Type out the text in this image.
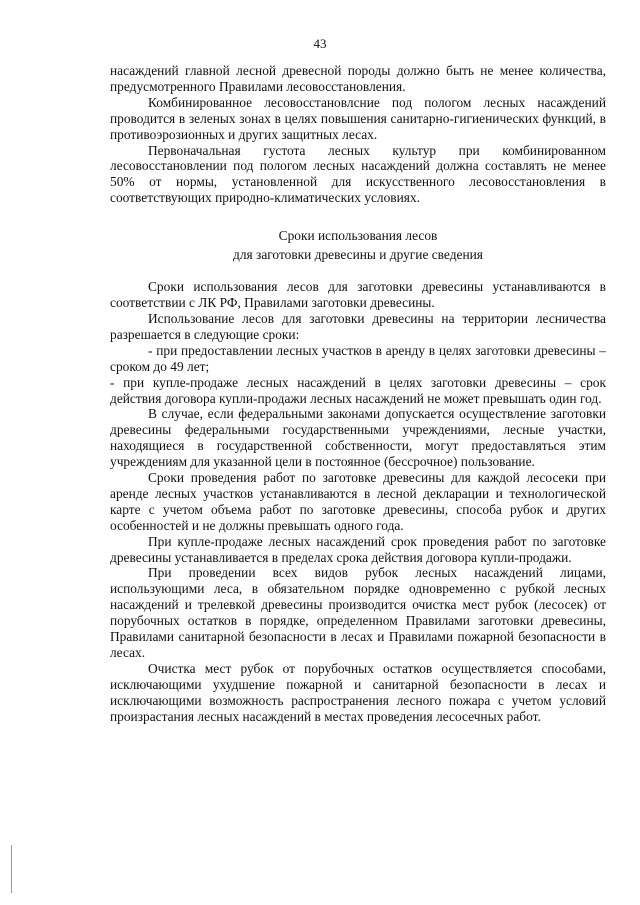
43

насаждений главной лесной древесной породы должно быть не менее количества, предусмотренного Правилами лесовосстановления.

Комбинированное лесовосстановлсние под пологом лесных насаждений проводится в зеленых зонах в целях повышения санитарно-гигиенических функций, в противоэрозионных и других защитных лесах.

Первоначальная густота лесных культур при комбинированном лесовосстановлении под пологом лесных насаждений должна составлять не менее 50% от нормы, установленной для искусственного лесовосстановления в соответствующих природно-климатических условиях.

Сроки использования лесов
для заготовки древесины и другие сведения

Сроки использования лесов для заготовки древесины устанавливаются в соответствии с ЛК РФ, Правилами заготовки древесины.

Использование лесов для заготовки древесины на территории лесничества разрешается в следующие сроки:

- при предоставлении лесных участков в аренду в целях заготовки древесины – сроком до 49 лет;

- при купле-продаже лесных насаждений в целях заготовки древесины – срок действия договора купли-продажи лесных насаждений не может превышать один год.

В случае, если федеральными законами допускается осуществление заготовки древесины федеральными государственными учреждениями, лесные участки, находящиеся в государственной собственности, могут предоставляться этим учреждениям для указанной цели в постоянное (бессрочное) пользование.

Сроки проведения работ по заготовке древесины для каждой лесосеки при аренде лесных участков устанавливаются в лесной декларации и технологической карте с учетом объема работ по заготовке древесины, способа рубок и других особенностей и не должны превышать одного года.

При купле-продаже лесных насаждений срок проведения работ по заготовке древесины устанавливается в пределах срока действия договора купли-продажи.

При проведении всех видов рубок лесных насаждений лицами, использующими леса, в обязательном порядке одновременно с рубкой лесных насаждений и трелевкой древесины производится очистка мест рубок (лесосек) от порубочных остатков в порядке, определенном Правилами заготовки древесины, Правилами санитарной безопасности в лесах и Правилами пожарной безопасности в лесах.

Очистка мест рубок от порубочных остатков осуществляется способами, исключающими ухудшение пожарной и санитарной безопасности в лесах и исключающими возможность распространения лесного пожара с учетом условий произрастания лесных насаждений в местах проведения лесосечных работ.
